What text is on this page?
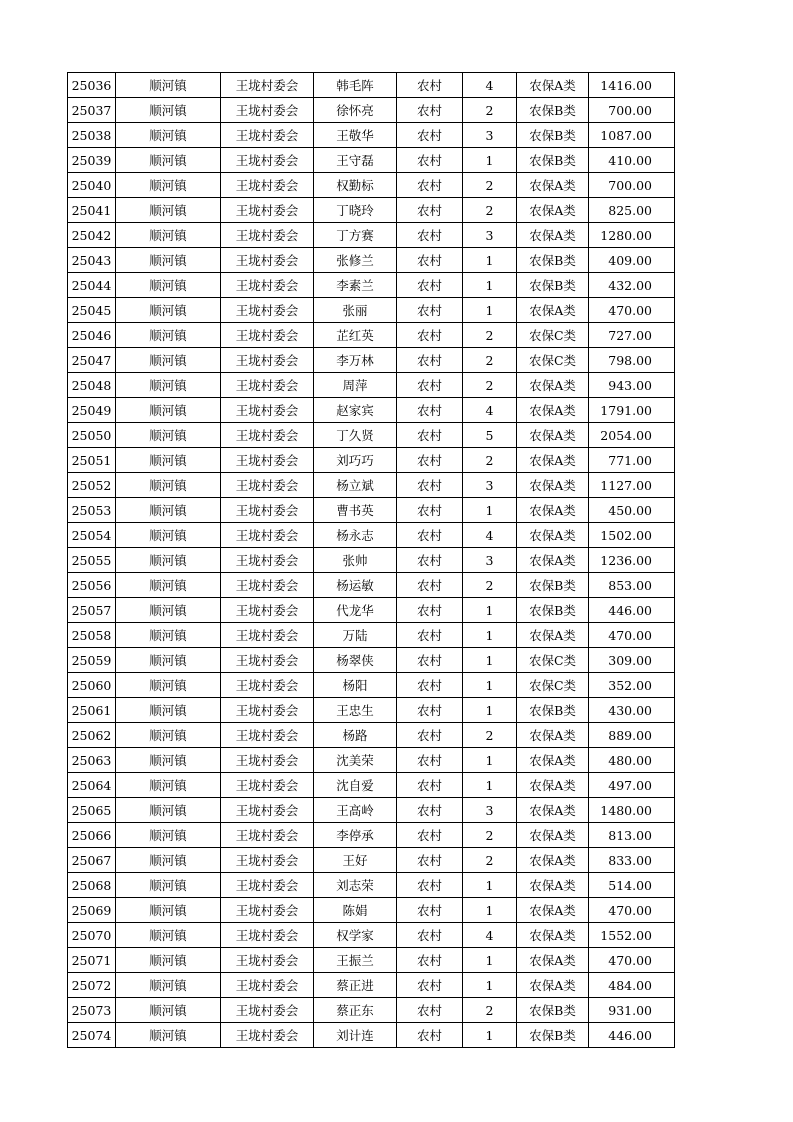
25036	顺河镇	王垅村委会	韩毛阵	农村	4	农保A类	1416.00
25037	顺河镇	王垅村委会	徐怀亮	农村	2	农保B类	700.00
25038	顺河镇	王垅村委会	王敬华	农村	3	农保B类	1087.00
25039	顺河镇	王垅村委会	王守磊	农村	1	农保B类	410.00
25040	顺河镇	王垅村委会	权勤标	农村	2	农保A类	700.00
25041	顺河镇	王垅村委会	丁晓玲	农村	2	农保A类	825.00
25042	顺河镇	王垅村委会	丁方赛	农村	3	农保A类	1280.00
25043	顺河镇	王垅村委会	张修兰	农村	1	农保B类	409.00
25044	顺河镇	王垅村委会	李素兰	农村	1	农保B类	432.00
25045	顺河镇	王垅村委会	张丽	农村	1	农保A类	470.00
25046	顺河镇	王垅村委会	芷红英	农村	2	农保C类	727.00
25047	顺河镇	王垅村委会	李万林	农村	2	农保C类	798.00
25048	顺河镇	王垅村委会	周萍	农村	2	农保A类	943.00
25049	顺河镇	王垅村委会	赵家宾	农村	4	农保A类	1791.00
25050	顺河镇	王垅村委会	丁久贤	农村	5	农保A类	2054.00
25051	顺河镇	王垅村委会	刘巧巧	农村	2	农保A类	771.00
25052	顺河镇	王垅村委会	杨立斌	农村	3	农保A类	1127.00
25053	顺河镇	王垅村委会	曹书英	农村	1	农保A类	450.00
25054	顺河镇	王垅村委会	杨永志	农村	4	农保A类	1502.00
25055	顺河镇	王垅村委会	张帅	农村	3	农保A类	1236.00
25056	顺河镇	王垅村委会	杨运敏	农村	2	农保B类	853.00
25057	顺河镇	王垅村委会	代龙华	农村	1	农保B类	446.00
25058	顺河镇	王垅村委会	万陆	农村	1	农保A类	470.00
25059	顺河镇	王垅村委会	杨翠侠	农村	1	农保C类	309.00
25060	顺河镇	王垅村委会	杨阳	农村	1	农保C类	352.00
25061	顺河镇	王垅村委会	王忠生	农村	1	农保B类	430.00
25062	顺河镇	王垅村委会	杨路	农村	2	农保A类	889.00
25063	顺河镇	王垅村委会	沈美荣	农村	1	农保A类	480.00
25064	顺河镇	王垅村委会	沈自爱	农村	1	农保A类	497.00
25065	顺河镇	王垅村委会	王高岭	农村	3	农保A类	1480.00
25066	顺河镇	王垅村委会	李停承	农村	2	农保A类	813.00
25067	顺河镇	王垅村委会	王好	农村	2	农保A类	833.00
25068	顺河镇	王垅村委会	刘志荣	农村	1	农保A类	514.00
25069	顺河镇	王垅村委会	陈娟	农村	1	农保A类	470.00
25070	顺河镇	王垅村委会	权学家	农村	4	农保A类	1552.00
25071	顺河镇	王垅村委会	王振兰	农村	1	农保A类	470.00
25072	顺河镇	王垅村委会	蔡正进	农村	1	农保A类	484.00
25073	顺河镇	王垅村委会	蔡正东	农村	2	农保B类	931.00
25074	顺河镇	王垅村委会	刘计连	农村	1	农保B类	446.00
